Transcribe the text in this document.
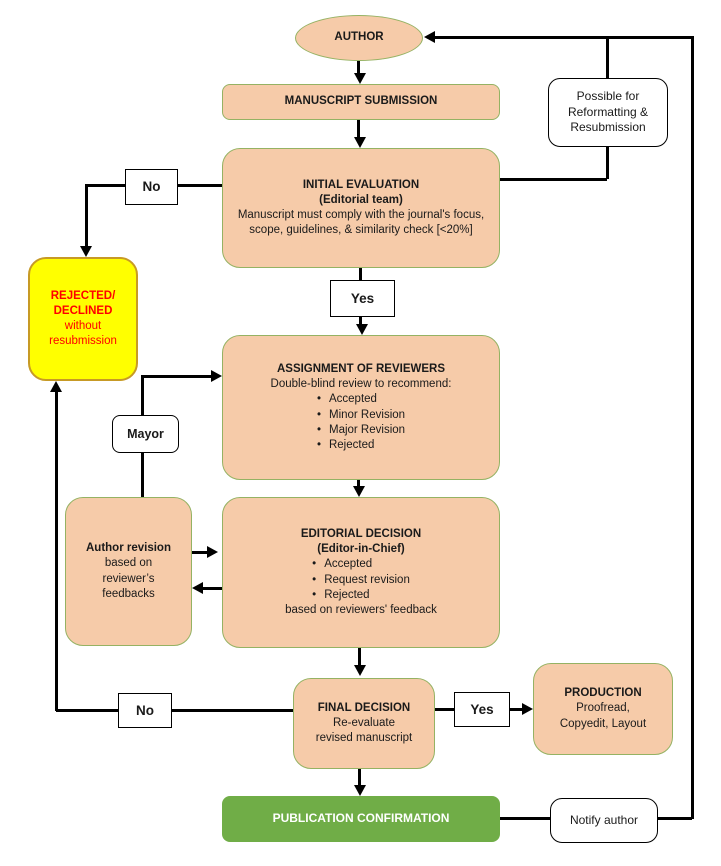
AUTHOR
MANUSCRIPT SUBMISSION	Possible for
Reformatting &
Resubmission
INITIAL EVALUATION
(Editorial team)
Manuscript must comply with the journal's focus, scope, guidelines, & similarity check [<20%]
No
REJECTED/
DECLINED
without resubmission
Yes
ASSIGNMENT OF REVIEWERS
Double-blind review to recommend:
• Accepted
• Minor Revision
• Major Revision
• Rejected
Mayor
Author revision
based on reviewer’s feedbacks
EDITORIAL DECISION
(Editor-in-Chief)
• Accepted
• Request revision
• Rejected
based on reviewers' feedback
FINAL DECISION
Re-evaluate
revised manuscript
No	Yes
PRODUCTION
Proofread,
Copyedit, Layout
PUBLICATION CONFIRMATION	Notify author
